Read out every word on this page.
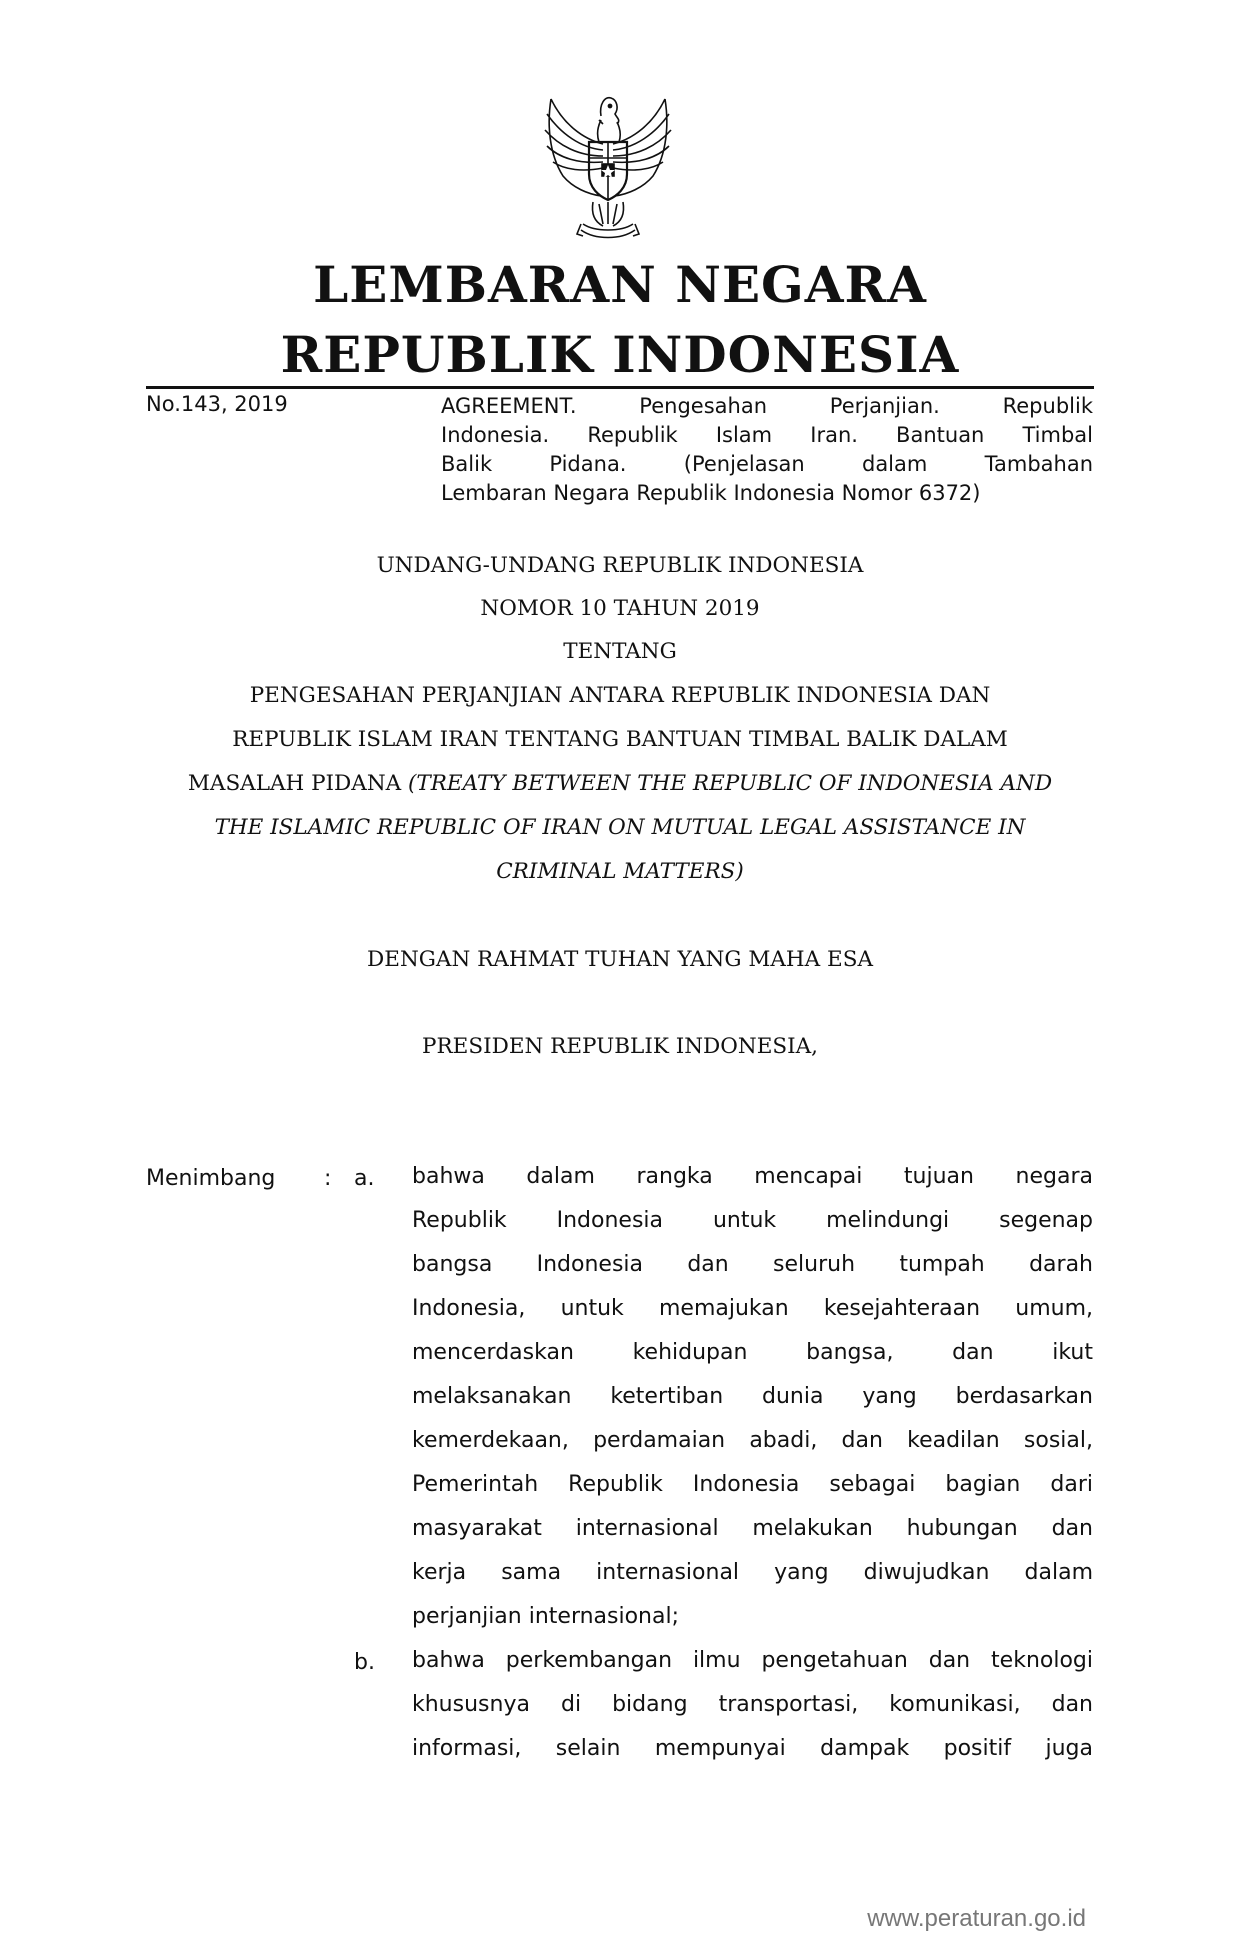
LEMBARAN NEGARA
REPUBLIK INDONESIA
No.143, 2019	AGREEMENT. Pengesahan Perjanjian. Republik
Indonesia. Republik Islam Iran. Bantuan Timbal
Balik Pidana. (Penjelasan dalam Tambahan
Lembaran Negara Republik Indonesia Nomor 6372)
UNDANG-UNDANG REPUBLIK INDONESIA
NOMOR 10 TAHUN 2019
TENTANG
PENGESAHAN PERJANJIAN ANTARA REPUBLIK INDONESIA DAN
REPUBLIK ISLAM IRAN TENTANG BANTUAN TIMBAL BALIK DALAM
MASALAH PIDANA (TREATY BETWEEN THE REPUBLIC OF INDONESIA AND
THE ISLAMIC REPUBLIC OF IRAN ON MUTUAL LEGAL ASSISTANCE IN
CRIMINAL MATTERS)
DENGAN RAHMAT TUHAN YANG MAHA ESA
PRESIDEN REPUBLIK INDONESIA,
Menimbang : a. bahwa dalam rangka mencapai tujuan negara
Republik Indonesia untuk melindungi segenap
bangsa Indonesia dan seluruh tumpah darah
Indonesia, untuk memajukan kesejahteraan umum,
mencerdaskan kehidupan bangsa, dan ikut
melaksanakan ketertiban dunia yang berdasarkan
kemerdekaan, perdamaian abadi, dan keadilan sosial,
Pemerintah Republik Indonesia sebagai bagian dari
masyarakat internasional melakukan hubungan dan
kerja sama internasional yang diwujudkan dalam
perjanjian internasional;
b. bahwa perkembangan ilmu pengetahuan dan teknologi
khususnya di bidang transportasi, komunikasi, dan
informasi, selain mempunyai dampak positif juga
www.peraturan.go.id
